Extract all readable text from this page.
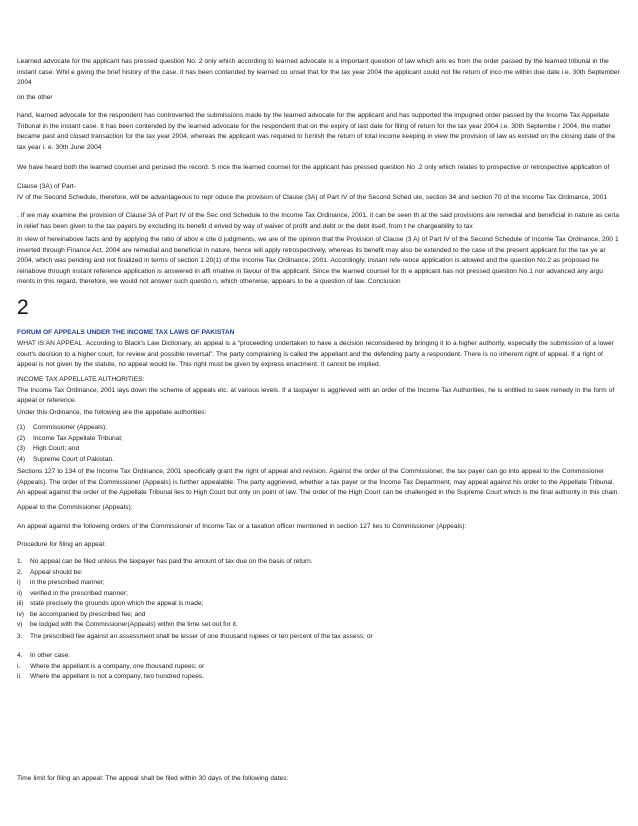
Learned advocate for the applicant has pressed question No. 2 only which according to learned advocate is a important question of law which aris es from the order passed by the learned tribunal in the instant case. Whil e giving the brief history of the case, it has been contended by learned co unsel that for the tax year 2004 the applicant could not file return of inco me within due date i.e. 30th September 2004

on the other

hand, learned advocate for the respondent has controverted the submissions made by the learned advocate for the applicant and has supported the impugned order passed by the Income Tax Appellate Tribunal in the instant case. It has been contended by the learned advocate for the respondent that on the expiry of last date for filing of return for the tax year 2004 i.e. 30th Septembe r 2004, the matter became past and closed transaction for the tax year 2004, whereas the applicant was required to furnish the return of total income keeping in view the provision of law as existed on the closing date of the tax year i. e. 30th June 2004

We have heard both the learned counsel and perused the record. S ince the learned counsel for the applicant has pressed question No .2 only which relates to prospective or retrospective application of

Clause (3A) of Part-
IV of the Second Schedule, therefore, will be advantageous to repr oduce the provision of Clause (3A) of Part IV of the Second Sched ule, section 34 and section 70 of the Income Tax Ordinance, 2001

. If we may examine the provision of Clause 3A of Part IV of the Sec ond Schedule to the Income Tax Ordinance, 2001, it can be seen th at the said provisions are remedial and beneficial in nature as certa in relief has been given to the tax payers by excluding its benefit d erived by way of waiver of profit and debt or the debt itself, from t he chargeability to tax

In view of hereinabove facts and by applying the ratio of abov e cite d judgments, we are of the opinion that the Provision of Clause (3 A) of Part IV of the Second Schedule of Income Tax Ordinance, 200 1 inserted through Finance Act, 2004 are remedial and beneficial in nature, hence will apply retrospectively, whereas its benefit may also be extended to the case of the present applicant for the tax ye ar 2004, which was pending and not finalized in terms of section 1 20(1) of the Income Tax Ordinance, 2001. Accordingly, instant refe rence application is allowed and the question No.2 as proposed he reinabove through instant reference application is answered in affi rmative in favour of the applicant. Since the learned counsel for th e applicant has not pressed question No.1 nor advanced any argu ments in this regard, therefore, we would not answer such questio n, which otherwise, appears to be a question of law. Conclusion

2
FORUM OF APPEALS UNDER THE INCOME TAX LAWS OF PAKISTAN

WHAT IS AN APPEAL: According to Black's Law Dictionary, an appeal is a “proceeding undertaken to have a decision reconsidered by bringing it to a higher authority, especially the submission of a lower court's decision to a higher court, for review and possible reversal”. The party complaining is called the appellant and the defending party a respondent. There is no inherent right of appeal. If a right of appeal is not given by the statute, no appeal would lie. This right must be given by express enactment. It cannot be implied.

INCOME TAX APPELLATE AUTHORITIES:

The Income Tax Ordinance, 2001 lays down the scheme of appeals etc. at various levels. If a taxpayer is aggrieved with an order of the Income Tax Authorities, he is entitled to seek remedy in the form of appeal or reference.

Under this Ordinance, the following are the appellate authorities:

(1)	Commissioner (Appeals);
(2)	Income Tax Appellate Tribunal;
(3)	High Court; and
(4)	Supreme Court of Pakistan.

Sections 127 to 134 of the Income Tax Ordinance, 2001 specifically grant the right of appeal and revision. Against the order of the Commissioner, the tax payer can go into appeal to the Commissioner (Appeals). The order of the Commissioner (Appeals) is further appealable. The party aggrieved, whether a tax payer or the Income Tax Department, may appeal against his order to the Appellate Tribunal. An appeal against the order of the Appellate Tribunal lies to High Court but only on point of law. The order of the High Court can be challenged in the Supreme Court which is the final authority in this chain.

Appeal to the Commissioner (Appeals):

An appeal against the following orders of the Commissioner of Income Tax or a taxation officer mentioned in section 127 lies to Commissioner (Appeals):

Procedure for filing an appeal:

1.	No appeal can be filed unless the taxpayer has paid the amount of tax due on the basis of return.
2.	Appeal should be:
i)	in the prescribed manner;
ii)	verified in the prescribed manner;
iii) state precisely the grounds upon which the appeal is made;
iv) be accompanied by prescribed fee; and
v)	be lodged with the Commissioner(Appeals) within the time set out for it.
3.	The prescribed fee against an assessment shall be lesser of one thousand rupees or ten percent of the tax assess; or
4.	In other case:
i.	Where the appellant is a company, one thousand rupees; or
ii.	Where the appellant is not a company, two hundred rupees.

Time limit for filing an appeal: The appeal shall be filed within 30 days of the following dates:
